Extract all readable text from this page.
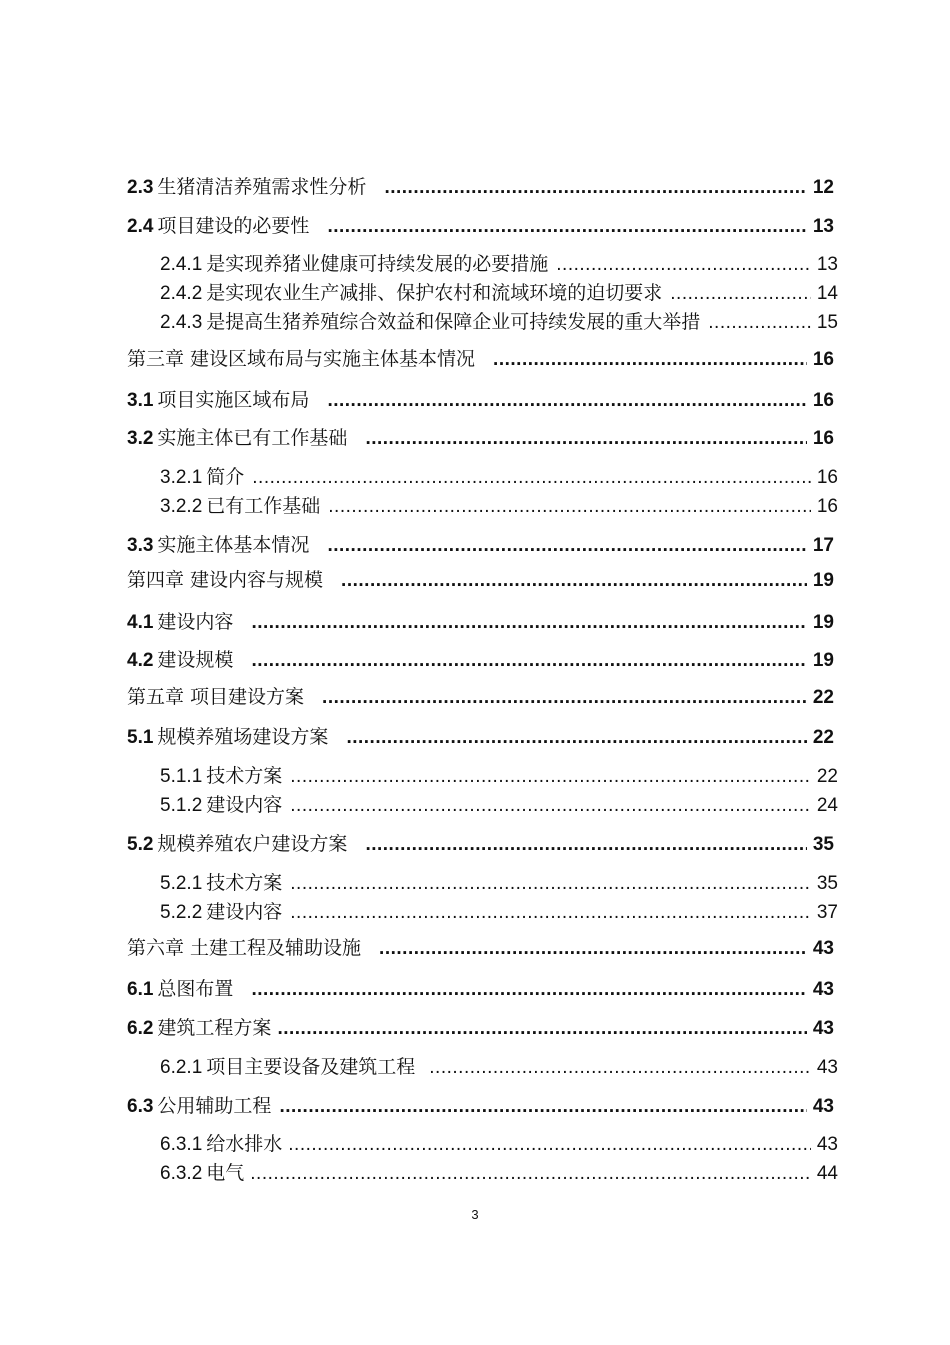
2.3 生猪清洁养殖需求性分析 .....	12
2.4 项目建设的必要性 .....	13
2.4.1 是实现养猪业健康可持续发展的必要措施 .....	13
2.4.2 是实现农业生产减排、保护农村和流域环境的迫切要求 .....	14
2.4.3 是提高生猪养殖综合效益和保障企业可持续发展的重大举措 .....	15
第三章 建设区域布局与实施主体基本情况 .....	16
3.1 项目实施区域布局 .....	16
3.2 实施主体已有工作基础 .....	16
3.2.1 简介 .....	16
3.2.2 已有工作基础 .....	16
3.3 实施主体基本情况 .....	17
第四章 建设内容与规模 .....	19
4.1 建设内容 .....	19
4.2 建设规模 .....	19
第五章 项目建设方案 .....	22
5.1 规模养殖场建设方案 .....	22
5.1.1 技术方案 .....	22
5.1.2 建设内容 .....	24
5.2 规模养殖农户建设方案 .....	35
5.2.1 技术方案 .....	35
5.2.2 建设内容 .....	37
第六章 土建工程及辅助设施 .....	43
6.1 总图布置 .....	43
6.2 建筑工程方案 .....	43
6.2.1 项目主要设备及建筑工程 .....	43
6.3 公用辅助工程 .....	43
6.3.1 给水排水 .....	43
6.3.2 电气 .....	44
3
